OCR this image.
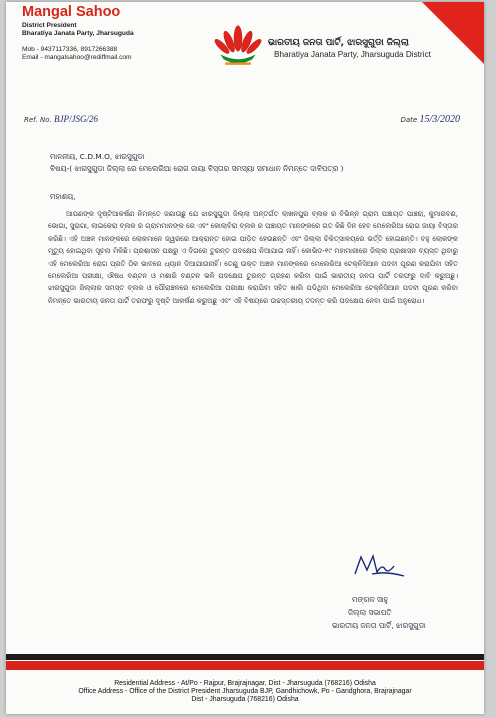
Mangal Sahoo
District President
Bharatiya Janata Party, Jharsuguda
Mob - 9437117336, 8917266388
Email - mangalsahoo@rediffmail.com
ଭାରତୀୟ ଜନତା ପାର୍ଟି, ଝାରସୁଗୁଡା ଜିଲ୍ଲା
Bharatiya Janata Party, Jharsuguda District
Ref. No. BJP/JSG/26	Date 15/3/2020
ମାନନୀୟ, C.D.M.O, ଝାରସୁଗୁଡା
ବିଷୟ-( ଝାରସୁଗୁଡା ଜିଲ୍ଲା ରେ ମେଲେରିଆ ରୋଗ ଜାୟା ବିସ୍ତାର ସମସ୍ୟା ସମାଧାନ ନିମନ୍ତେ ଦାବିପତ୍ର )
ମହାଶୟ,
ଆପଣଙ୍କ ଦୃଷ୍ଟିଆକର୍ଷଣ ନିମନ୍ତେ ଜଣାଉଛୁ ଯେ ଝାରସୁଗୁଡା ଜିଲ୍ଲା ଅନ୍ତର୍ଗତ ଲାଖନପୁର ବ୍ଲକ ର ବିଭିନ୍ନ ଗ୍ରାମ ପଞ୍ଚାୟତ ପାଞ୍ଚରା, କୁମାରବଣ, ଭୋଗା, ସୁରାଗା, ଲାଇକେରା ବ୍ଲକ ର ଗ୍ରାମମାନଙ୍କ ରେ ଏବଂ କୋଲାବିରା ବ୍ଲକ ର ପଞ୍ଚାୟତ ମାନଙ୍କରେ ଗତ କିଛି ଦିନ ହେବ ମେଲେରିଆ ରୋଗ ଜାୟା ବିସ୍ତାର କରିଛି। ଏହି ଅଞ୍ଚଳ ମାନଙ୍କରେ ଲୋକମାନେ ଜ୍ୱରରେ ଆକ୍ରାନ୍ତ ହୋଇ ପୀଡ଼ିତ ହେଉଛନ୍ତି ଏବଂ ଜିଲ୍ଲା ଚିକିତ୍ସାଳୟରେ ଭର୍ତ୍ତି ହୋଇଛନ୍ତି। ବହୁ ଲୋକଙ୍କ ମୃତ୍ୟୁ ହୋଇଥିବା ସୂଚନା ମିଳିଛି। ପ୍ରଶାସନ ପକ୍ଷରୁ ଏ ଦିଗରେ ତୁରନ୍ତ ପଦକ୍ଷେପ ନିଆଯାଇ ନାହିଁ। କୋଭିଡ-୧୯ ମହାମାରୀରେ ଜିଲ୍ଲା ପ୍ରଶାସନ ବ୍ୟସ୍ତ ଥିବାରୁ ଏହି ମେଲେରିଆ ରୋଗ ପ୍ରତି ଠିକ ଭାବରେ ଧ୍ୟାନ ଦିଆଯାଉନାହିଁ। ତେଣୁ ଉକ୍ତ ଅଞ୍ଚଳ ମାନଙ୍କରେ ମେଲେରିଆ ଟେକ୍ନିସିଆନ ପଦବୀ ପୂରଣ କରାଯିବା ସହିତ ମେଲେରିଆ ପରୀକ୍ଷା, ଔଷଧ ବଣ୍ଟନ ଓ ମଶାରି ବଣ୍ଟନ ଭଳି ପଦକ୍ଷେପ ତୁରନ୍ତ ଗ୍ରହଣ କରିବା ପାଇଁ ଭାରତୀୟ ଜନତା ପାର୍ଟି ତରଫରୁ ଦାବି କରୁଅଛୁ। ଝାରସୁଗୁଡା ଜିଲ୍ଲାର ସମସ୍ତ ବ୍ଲକ ଓ ପୌରାଞ୍ଚଳରେ ମେଲେରିଆ ପରୀକ୍ଷା କରାଯିବା ସହିତ ଖାଲି ପଡିଥିବା ମେଲେରିଆ ଟେକ୍ନିସିଆନ ପଦବୀ ପୂରଣ କରିବା ନିମନ୍ତେ ଭାରତୀୟ ଜନତା ପାର୍ଟି ତରଫରୁ ଦୃଷ୍ଟି ଆକର୍ଷଣ କରୁଅଛୁ ଏବଂ ଏହି ବିଷୟରେ ଉଚ୍ଚସ୍ତରୀୟ ତଦନ୍ତ କରି ପଦକ୍ଷେପ ନେବା ପାଇଁ ଅନୁରୋଧ।
ମଙ୍ଗଳ ସାହୁ
ଜିଲ୍ଲା ସଭାପତି
ଭାରତୀୟ ଜନତା ପାର୍ଟି, ଝାରସୁଗୁଡା
Residential Address - At/Po - Rajpur, Brajrajnagar, Dist - Jharsuguda (768216) Odisha
Office Address - Office of the District President Jharsuguda BJP, Gandhichowk, Po - Gandghora, Brajrajnagar
Dist - Jharsuguda (768216) Odisha
